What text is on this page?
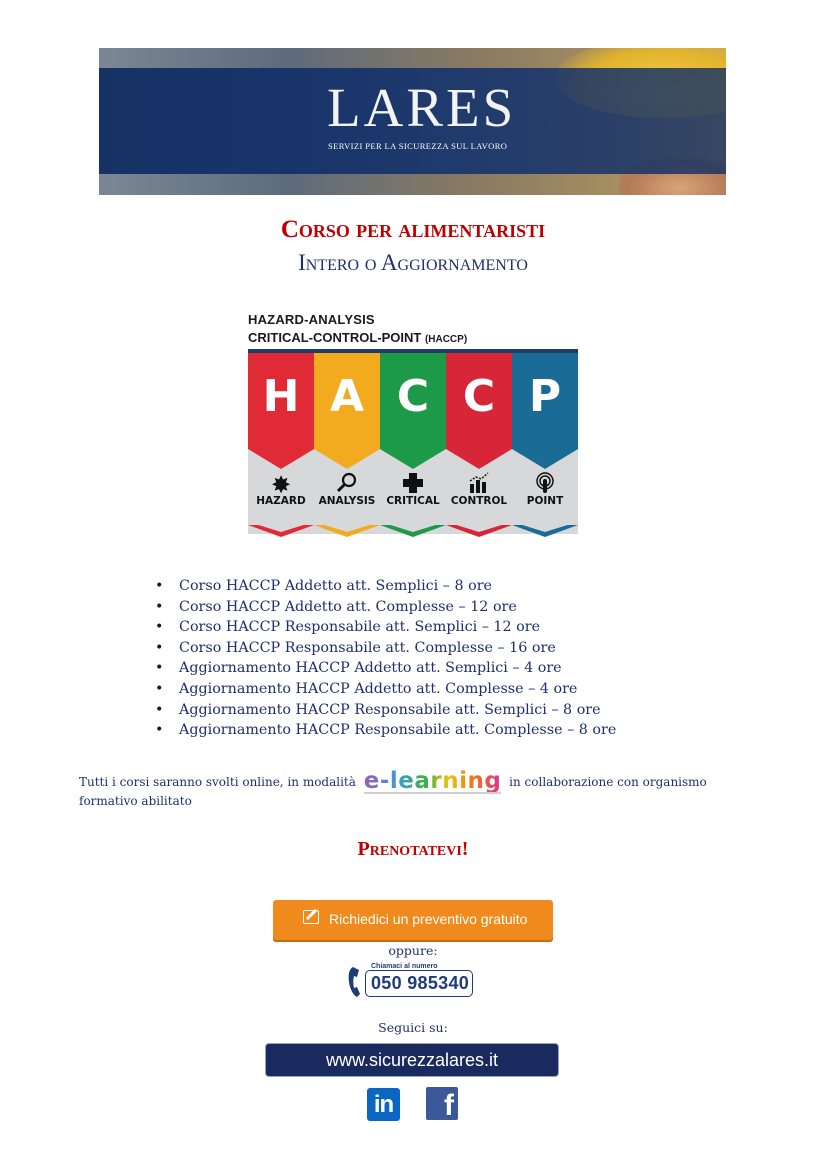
LARES
SERVIZI PER LA SICUREZZA SUL LAVORO
Corso per alimentaristi
Intero o Aggiornamento
HAZARD-ANALYSIS
CRITICAL-CONTROL-POINT (HACCP)
H
✸
HAZARD
A
ANALYSIS
C
CRITICAL
C
CONTROL
P
POINT
• Corso HACCP Addetto att. Semplici – 8 ore
• Corso HACCP Addetto att. Complesse – 12 ore
• Corso HACCP Responsabile att. Semplici – 12 ore
• Corso HACCP Responsabile att. Complesse – 16 ore
• Aggiornamento HACCP Addetto att. Semplici – 4 ore
• Aggiornamento HACCP Addetto att. Complesse – 4 ore
• Aggiornamento HACCP Responsabile att. Semplici – 8 ore
• Aggiornamento HACCP Responsabile att. Complesse – 8 ore
Tutti i corsi saranno svolti online, in modalità e-learning in collaborazione con organismo formativo abilitato
Prenotatevi!
Richiedici un preventivo gratuito
oppure:
Chiamaci al numero
050 985340
Seguici su:
www.sicurezzalares.it
in	f
